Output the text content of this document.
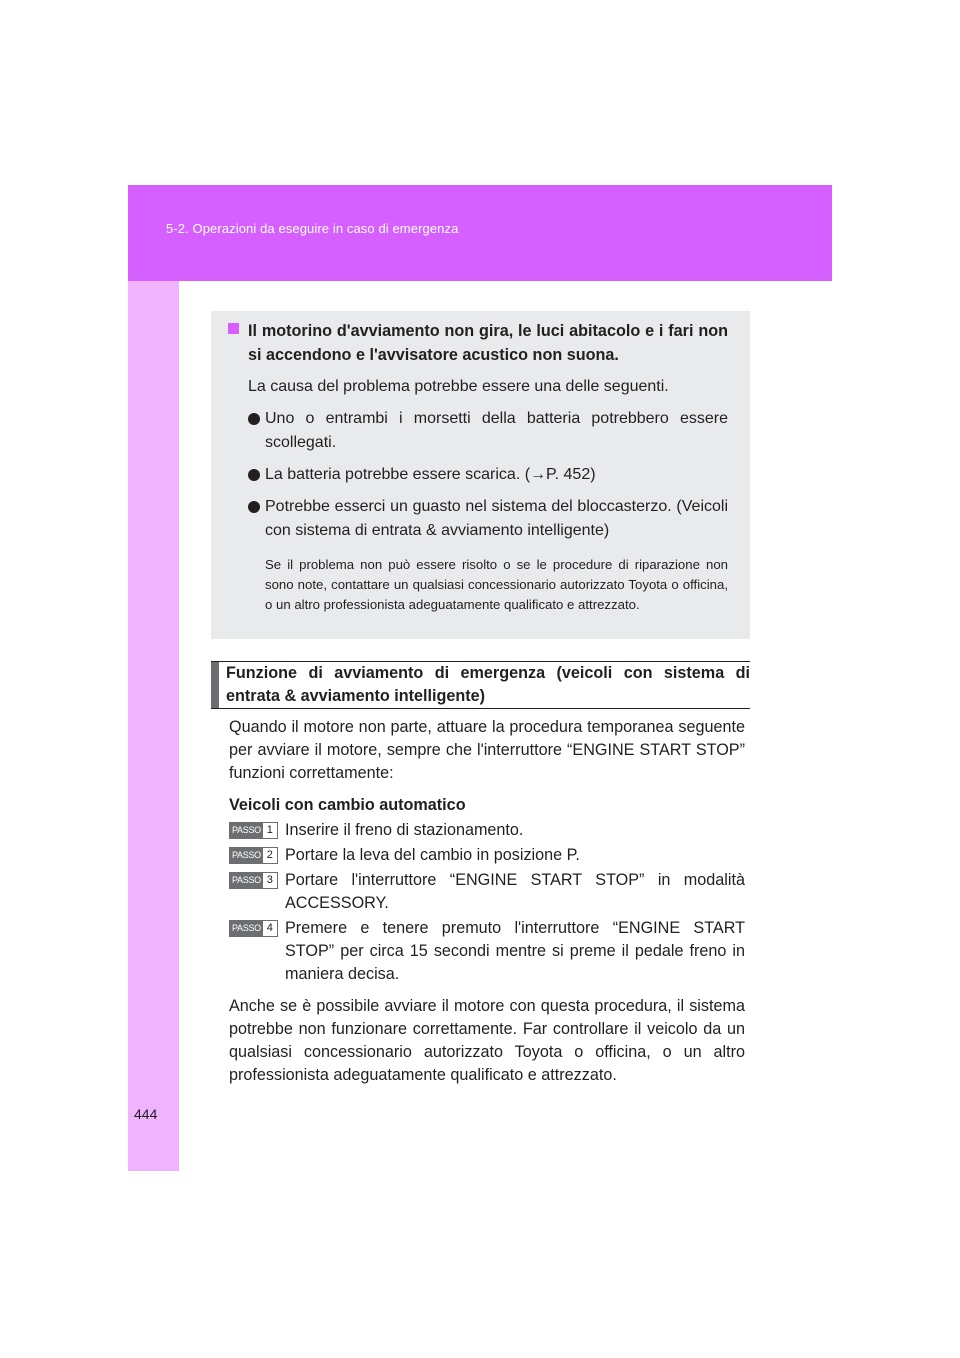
5-2. Operazioni da eseguire in caso di emergenza
444
Il motorino d'avviamento non gira, le luci abitacolo e i fari non si accendono e l'avvisatore acustico non suona.
La causa del problema potrebbe essere una delle seguenti.
Uno o entrambi i morsetti della batteria potrebbero essere scollegati.
La batteria potrebbe essere scarica. (→P. 452)
Potrebbe esserci un guasto nel sistema del bloccasterzo. (Veicoli con sistema di entrata & avviamento intelligente)
Se il problema non può essere risolto o se le procedure di riparazione non sono note, contattare un qualsiasi concessionario autorizzato Toyota o officina, o un altro professionista adeguatamente qualificato e attrezzato.
Funzione di avviamento di emergenza (veicoli con sistema di entrata & avviamento intelligente)

Quando il motore non parte, attuare la procedura temporanea seguente per avviare il motore, sempre che l'interruttore “ENGINE START STOP” funzioni correttamente:

Veicoli con cambio automatico
PASSO 1 Inserire il freno di stazionamento.
PASSO 2 Portare la leva del cambio in posizione P.
PASSO 3 Portare l'interruttore “ENGINE START STOP” in modalità ACCESSORY.
PASSO 4 Premere e tenere premuto l'interruttore “ENGINE START STOP” per circa 15 secondi mentre si preme il pedale freno in maniera decisa.

Anche se è possibile avviare il motore con questa procedura, il sistema potrebbe non funzionare correttamente. Far controllare il veicolo da un qualsiasi concessionario autorizzato Toyota o officina, o un altro professionista adeguatamente qualificato e attrezzato.
